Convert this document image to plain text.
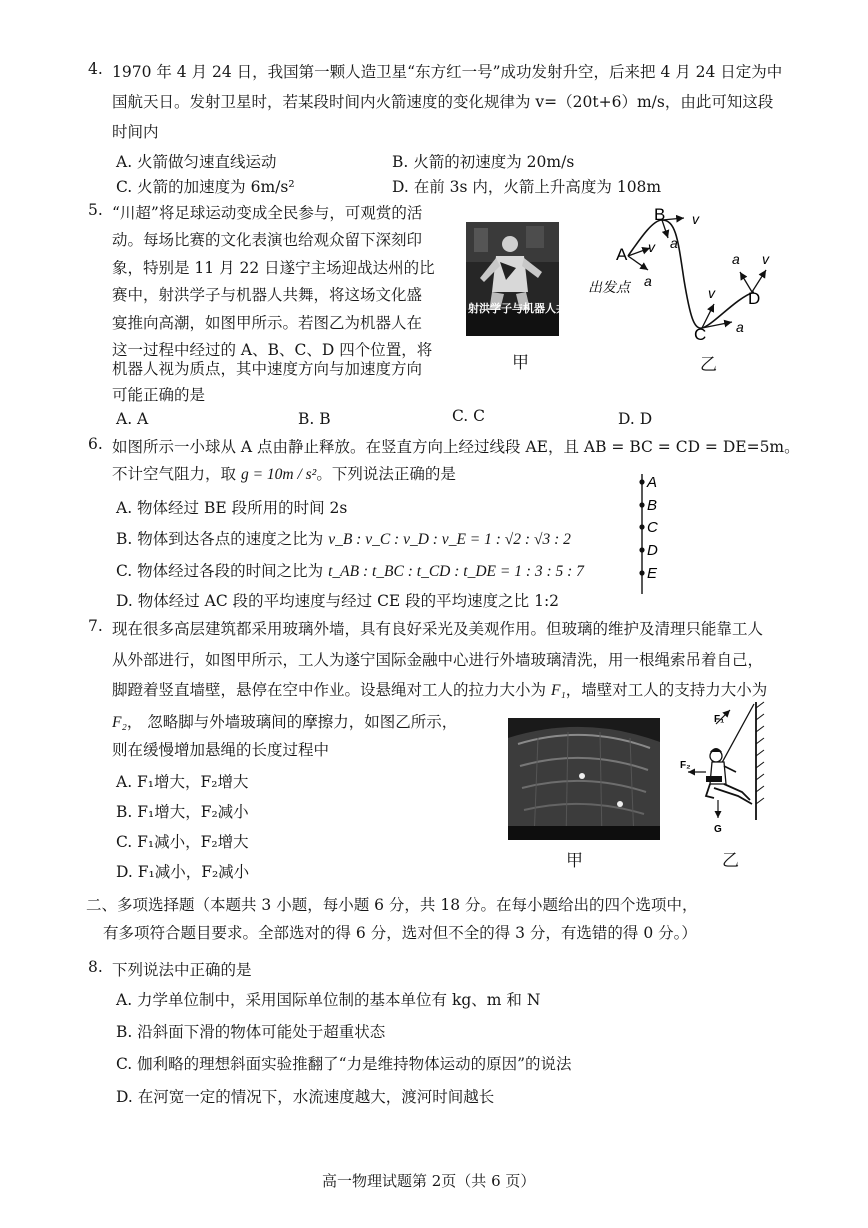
4. 1970 年 4 月 24 日，我国第一颗人造卫星“东方红一号”成功发射升空，后来把 4 月 24 日定为中
国航天日。发射卫星时，若某段时间内火箭速度的变化规律为 v=（20t+6）m/s，由此可知这段
时间内
A. 火箭做匀速直线运动	B. 火箭的初速度为 20m/s
C. 火箭的加速度为 6m/s²	D. 在前 3s 内，火箭上升高度为 108m
5. “川超”将足球运动变成全民参与，可观赏的活
动。每场比赛的文化表演也给观众留下深刻印
象，特别是 11 月 22 日遂宁主场迎战达州的比
赛中，射洪学子与机器人共舞，将这场文化盛
宴推向高潮，如图甲所示。若图乙为机器人在
这一过程中经过的 A、B、C、D 四个位置，将
机器人视为质点，其中速度方向与加速度方向
可能正确的是
射洪学子与机器人共舞
甲
A
B
C
D
v
a
v
a
v
a
a v
出发点
乙
A. A	B. B	C. C	D. D
6. 如图所示一小球从 A 点由静止释放。在竖直方向上经过线段 AE，且 AB = BC = CD = DE=5m。
不计空气阻力，取 g = 10m / s²。下列说法正确的是
A. 物体经过 BE 段所用的时间 2s
B. 物体到达各点的速度之比为 v_B : v_C : v_D : v_E = 1 : √2 : √3 : 2
C. 物体经过各段的时间之比为 t_AB : t_BC : t_CD : t_DE = 1 : 3 : 5 : 7
D. 物体经过 AC 段的平均速度与经过 CE 段的平均速度之比 1:2
A
B
C
D
E
7. 现在很多高层建筑都采用玻璃外墙，具有良好采光及美观作用。但玻璃的维护及清理只能靠工人
从外部进行，如图甲所示，工人为遂宁国际金融中心进行外墙玻璃清洗，用一根绳索吊着自己，
脚蹬着竖直墙壁，悬停在空中作业。设悬绳对工人的拉力大小为 F₁，墙壁对工人的支持力大小为
F₂， 忽略脚与外墙玻璃间的摩擦力，如图乙所示，
则在缓慢增加悬绳的长度过程中
A. F₁增大，F₂增大
B. F₁增大，F₂减小
C. F₁减小，F₂增大
D. F₁减小，F₂减小
甲
F₁
F₂
G
乙
二、多项选择题（本题共 3 小题，每小题 6 分，共 18 分。在每小题给出的四个选项中，
有多项符合题目要求。全部选对的得 6 分，选对但不全的得 3 分，有选错的得 0 分。）
8. 下列说法中正确的是
A. 力学单位制中，采用国际单位制的基本单位有 kg、m 和 N
B. 沿斜面下滑的物体可能处于超重状态
C. 伽利略的理想斜面实验推翻了“力是维持物体运动的原因”的说法
D. 在河宽一定的情况下，水流速度越大，渡河时间越长
高一物理试题第 2页（共 6 页）
